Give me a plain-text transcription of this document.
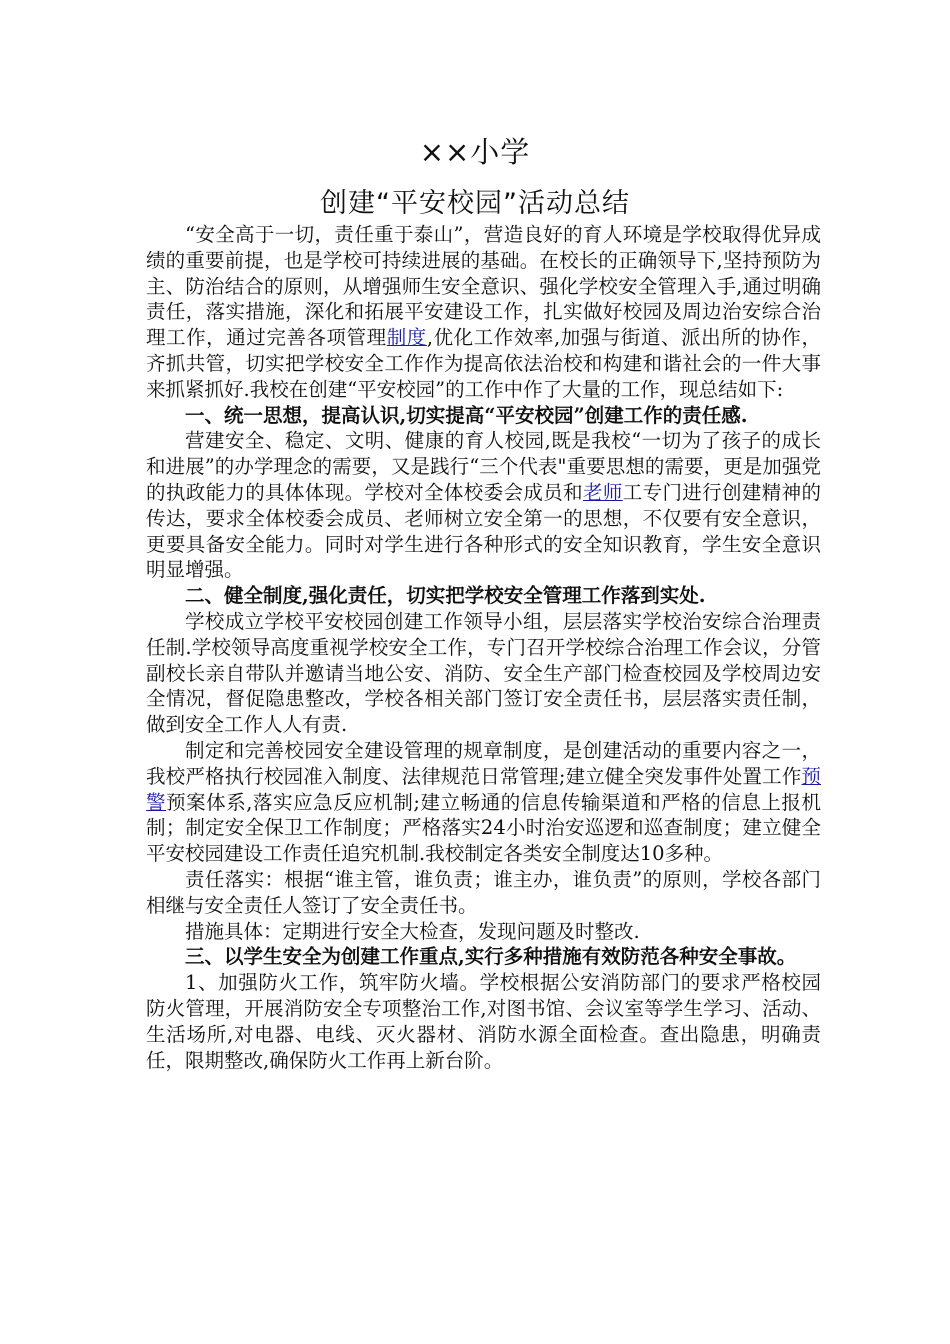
××小学
创建“平安校园”活动总结

“安全高于一切，责任重于泰山”，营造良好的育人环境是学校取得优异成绩的重要前提，也是学校可持续进展的基础。在校长的正确领导下,坚持预防为主、防治结合的原则，从增强师生安全意识、强化学校安全管理入手,通过明确责任，落实措施，深化和拓展平安建设工作，扎实做好校园及周边治安综合治理工作，通过完善各项管理制度,优化工作效率,加强与街道、派出所的协作，齐抓共管，切实把学校安全工作作为提高依法治校和构建和谐社会的一件大事来抓紧抓好.我校在创建“平安校园”的工作中作了大量的工作，现总结如下:

一、统一思想，提高认识,切实提高“平安校园”创建工作的责任感.

营建安全、稳定、文明、健康的育人校园,既是我校“一切为了孩子的成长和进展”的办学理念的需要，又是践行“三个代表"重要思想的需要，更是加强党的执政能力的具体体现。学校对全体校委会成员和老师工专门进行创建精神的传达，要求全体校委会成员、老师树立安全第一的思想，不仅要有安全意识，更要具备安全能力。同时对学生进行各种形式的安全知识教育，学生安全意识明显增强。

二、健全制度,强化责任，切实把学校安全管理工作落到实处.

学校成立学校平安校园创建工作领导小组，层层落实学校治安综合治理责任制.学校领导高度重视学校安全工作，专门召开学校综合治理工作会议，分管副校长亲自带队并邀请当地公安、消防、安全生产部门检查校园及学校周边安全情况，督促隐患整改，学校各相关部门签订安全责任书，层层落实责任制，做到安全工作人人有责.

制定和完善校园安全建设管理的规章制度，是创建活动的重要内容之一，我校严格执行校园准入制度、法律规范日常管理;建立健全突发事件处置工作预警预案体系,落实应急反应机制;建立畅通的信息传输渠道和严格的信息上报机制；制定安全保卫工作制度；严格落实24小时治安巡逻和巡查制度；建立健全平安校园建设工作责任追究机制.我校制定各类安全制度达10多种。

责任落实：根据“谁主管，谁负责；谁主办，谁负责”的原则，学校各部门相继与安全责任人签订了安全责任书。

措施具体：定期进行安全大检查，发现问题及时整改.

三、以学生安全为创建工作重点,实行多种措施有效防范各种安全事故。

1、加强防火工作，筑牢防火墙。学校根据公安消防部门的要求严格校园防火管理，开展消防安全专项整治工作,对图书馆、会议室等学生学习、活动、生活场所,对电器、电线、灭火器材、消防水源全面检查。查出隐患，明确责任，限期整改,确保防火工作再上新台阶。
